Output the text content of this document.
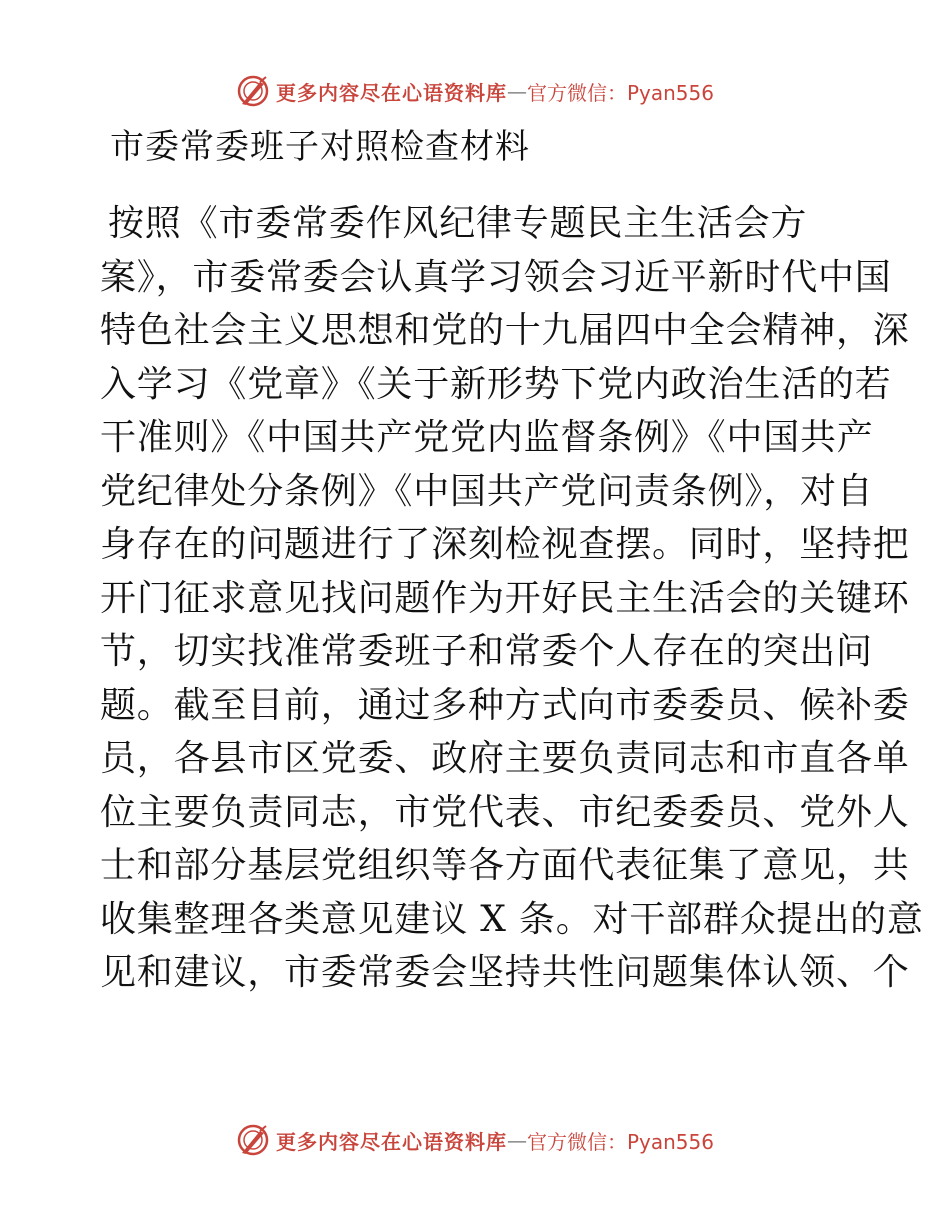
更多内容尽在心语资料库 — 官方微信：Pyan556
市委常委班子对照检查材料
按照《市委常委作风纪律专题民主生活会方
案》，市委常委会认真学习领会习近平新时代中国
特色社会主义思想和党的十九届四中全会精神，深
入学习《党章》《关于新形势下党内政治生活的若
干准则》《中国共产党党内监督条例》《中国共产
党纪律处分条例》《中国共产党问责条例》，对自
身存在的问题进行了深刻检视查摆。同时，坚持把
开门征求意见找问题作为开好民主生活会的关键环
节，切实找准常委班子和常委个人存在的突出问
题。截至目前，通过多种方式向市委委员、候补委
员，各县市区党委、政府主要负责同志和市直各单
位主要负责同志，市党代表、市纪委委员、党外人
士和部分基层党组织等各方面代表征集了意见，共
收集整理各类意见建议 X 条。对干部群众提出的意
见和建议，市委常委会坚持共性问题集体认领、个
更多内容尽在心语资料库 — 官方微信：Pyan556
